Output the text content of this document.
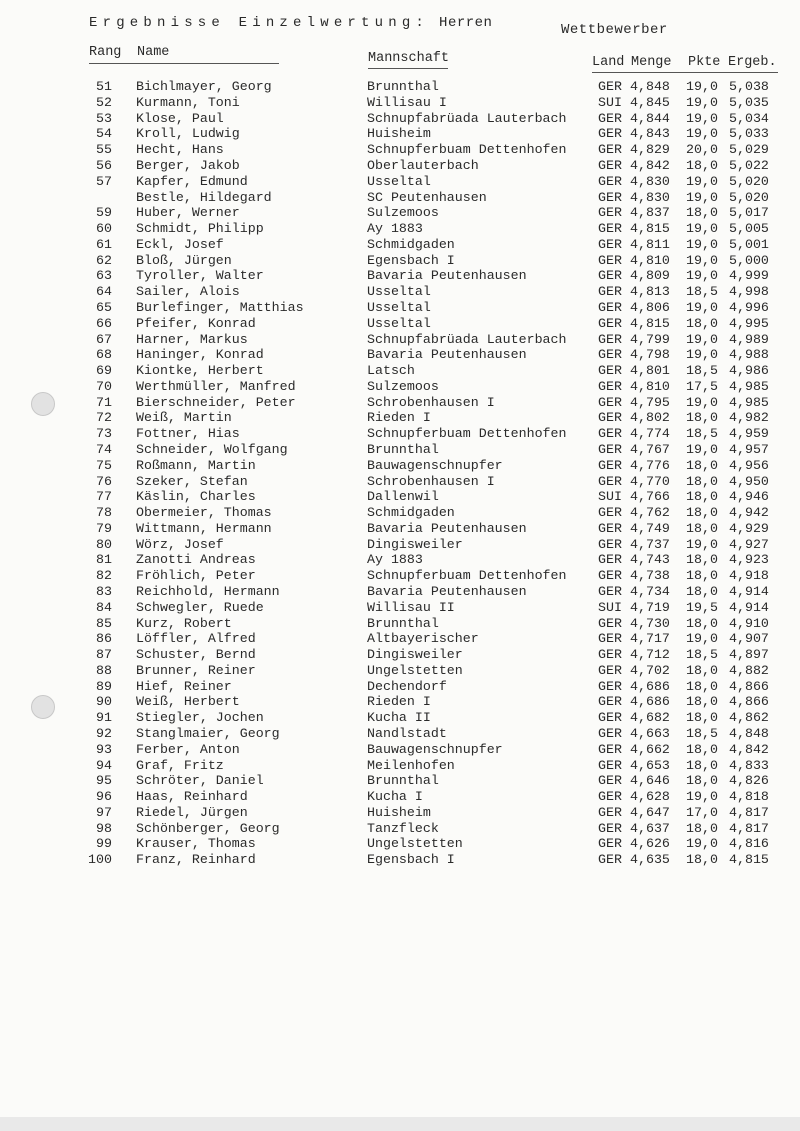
Ergebnisse Einzelwertung: Herren	Wettbewerber
Rang Name	Mannschaft	Land Menge Pkte Ergeb.
51 Bichlmayer, Georg	Brunnthal	GER 4,848 19,0 5,038
52 Kurmann, Toni	Willisau I	SUI 4,845 19,0 5,035
53 Klose, Paul	Schnupfabrüada Lauterbach GER 4,844 19,0 5,034
54 Kroll, Ludwig	Huisheim	GER 4,843 19,0 5,033
55 Hecht, Hans	Schnupferbuam Dettenhofen GER 4,829 20,0 5,029
56 Berger, Jakob	Oberlauterbach	GER 4,842 18,0 5,022
57 Kapfer, Edmund	Usseltal	GER 4,830 19,0 5,020
Bestle, Hildegard	SC Peutenhausen	GER 4,830 19,0 5,020
59 Huber, Werner	Sulzemoos	GER 4,837 18,0 5,017
60 Schmidt, Philipp	Ay 1883	GER 4,815 19,0 5,005
61 Eckl, Josef	Schmidgaden	GER 4,811 19,0 5,001
62 Bloß, Jürgen	Egensbach I	GER 4,810 19,0 5,000
63 Tyroller, Walter	Bavaria Peutenhausen	GER 4,809 19,0 4,999
64 Sailer, Alois	Usseltal	GER 4,813 18,5 4,998
65 Burlefinger, Matthias	Usseltal	GER 4,806 19,0 4,996
66 Pfeifer, Konrad	Usseltal	GER 4,815 18,0 4,995
67 Harner, Markus	Schnupfabrüada Lauterbach GER 4,799 19,0 4,989
68 Haninger, Konrad	Bavaria Peutenhausen	GER 4,798 19,0 4,988
69 Kiontke, Herbert	Latsch	GER 4,801 18,5 4,986
70 Werthmüller, Manfred	Sulzemoos	GER 4,810 17,5 4,985
71 Bierschneider, Peter	Schrobenhausen I	GER 4,795 19,0 4,985
72 Weiß, Martin	Rieden I	GER 4,802 18,0 4,982
73 Fottner, Hias	Schnupferbuam Dettenhofen GER 4,774 18,5 4,959
74 Schneider, Wolfgang	Brunnthal	GER 4,767 19,0 4,957
75 Roßmann, Martin	Bauwagenschnupfer	GER 4,776 18,0 4,956
76 Szeker, Stefan	Schrobenhausen I	GER 4,770 18,0 4,950
77 Käslin, Charles	Dallenwil	SUI 4,766 18,0 4,946
78 Obermeier, Thomas	Schmidgaden	GER 4,762 18,0 4,942
79 Wittmann, Hermann	Bavaria Peutenhausen	GER 4,749 18,0 4,929
80 Wörz, Josef	Dingisweiler	GER 4,737 19,0 4,927
81 Zanotti Andreas	Ay 1883	GER 4,743 18,0 4,923
82 Fröhlich, Peter	Schnupferbuam Dettenhofen GER 4,738 18,0 4,918
83 Reichhold, Hermann	Bavaria Peutenhausen	GER 4,734 18,0 4,914
84 Schwegler, Ruede	Willisau II	SUI 4,719 19,5 4,914
85 Kurz, Robert	Brunnthal	GER 4,730 18,0 4,910
86 Löffler, Alfred	Altbayerischer	GER 4,717 19,0 4,907
87 Schuster, Bernd	Dingisweiler	GER 4,712 18,5 4,897
88 Brunner, Reiner	Ungelstetten	GER 4,702 18,0 4,882
89 Hief, Reiner	Dechendorf	GER 4,686 18,0 4,866
90 Weiß, Herbert	Rieden I	GER 4,686 18,0 4,866
91 Stiegler, Jochen	Kucha II	GER 4,682 18,0 4,862
92 Stanglmaier, Georg	Nandlstadt	GER 4,663 18,5 4,848
93 Ferber, Anton	Bauwagenschnupfer	GER 4,662 18,0 4,842
94 Graf, Fritz	Meilenhofen	GER 4,653 18,0 4,833
95 Schröter, Daniel	Brunnthal	GER 4,646 18,0 4,826
96 Haas, Reinhard	Kucha I	GER 4,628 19,0 4,818
97 Riedel, Jürgen	Huisheim	GER 4,647 17,0 4,817
98 Schönberger, Georg	Tanzfleck	GER 4,637 18,0 4,817
99 Krauser, Thomas	Ungelstetten	GER 4,626 19,0 4,816
100 Franz, Reinhard	Egensbach I	GER 4,635 18,0 4,815
